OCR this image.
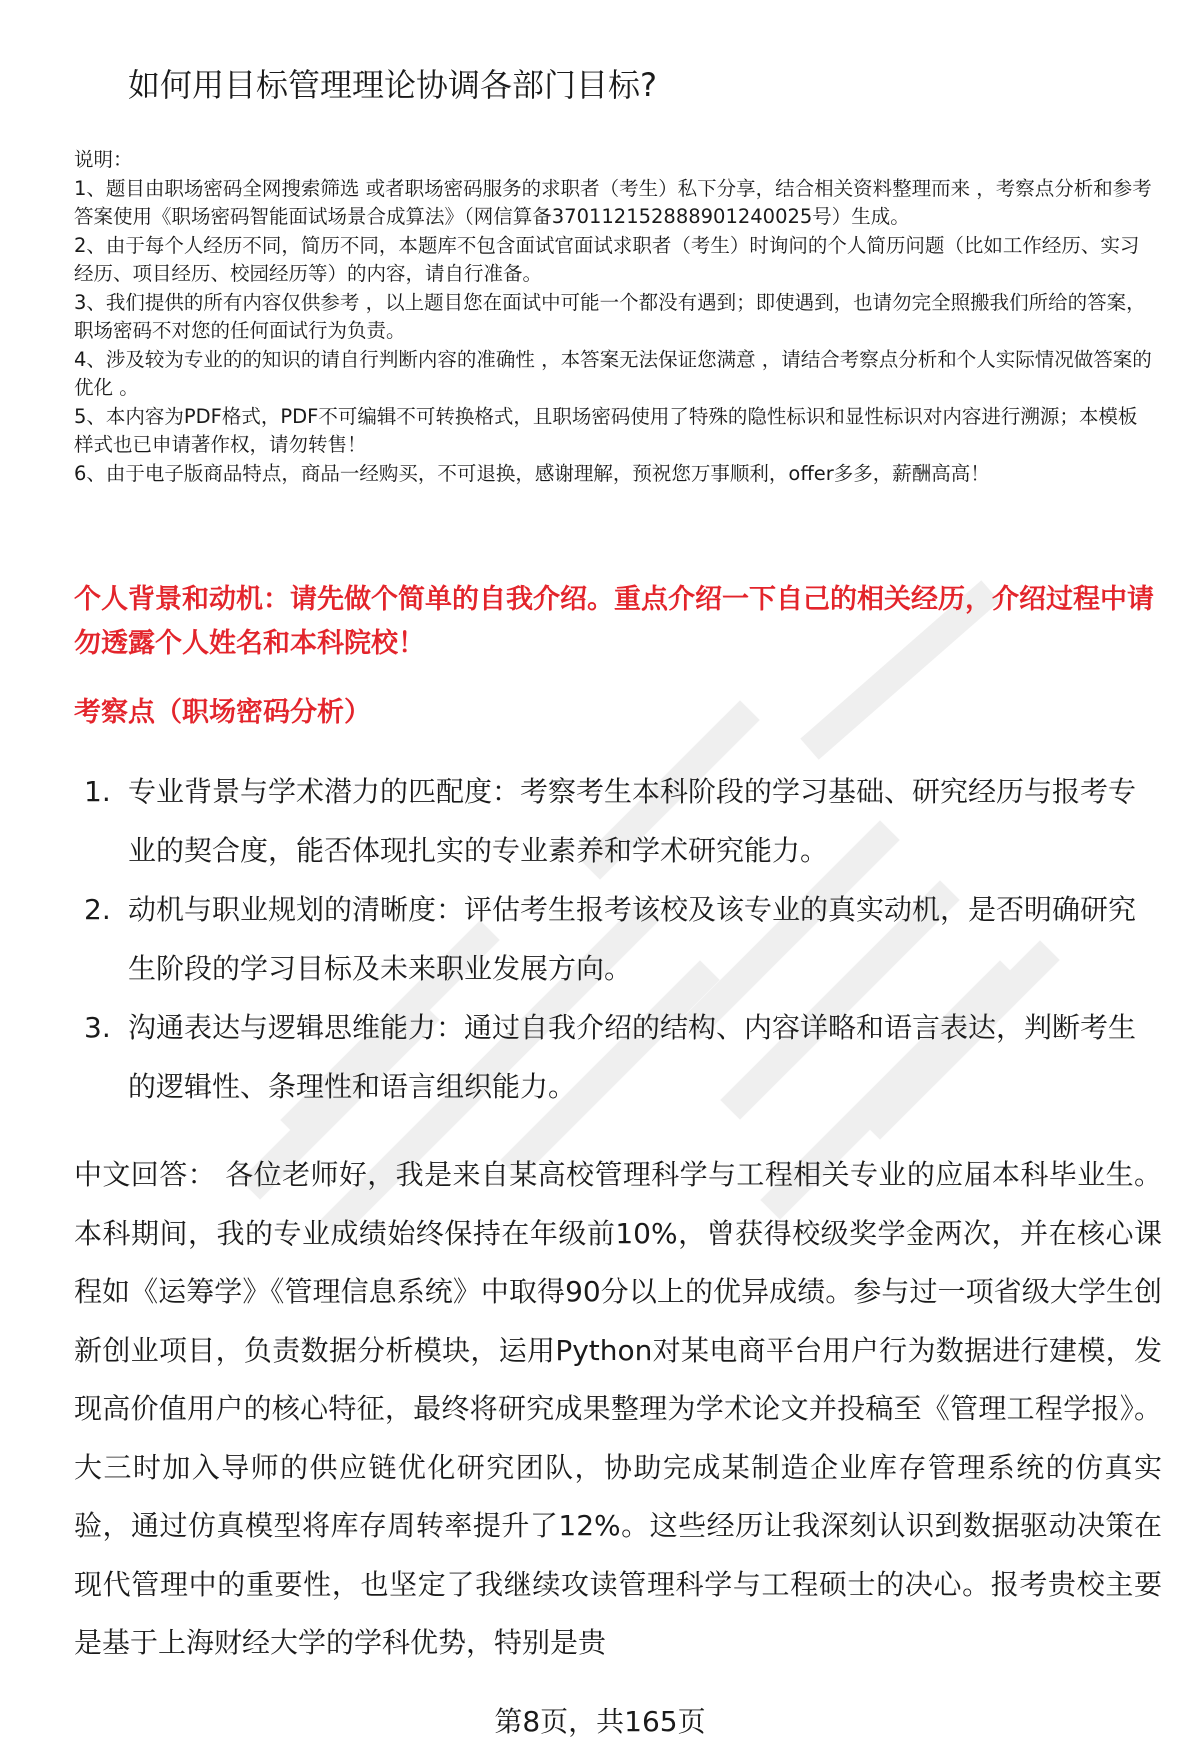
如何用目标管理理论协调各部门目标?

说明：

1、题目由职场密码全网搜索筛选 或者职场密码服务的求职者（考生）私下分享，结合相关资料整理而来 ，考察点分析和参考答案使用《职场密码智能面试场景合成算法》（网信算备370112152888901240025号）生成。

2、由于每个人经历不同，简历不同，本题库不包含面试官面试求职者（考生）时询问的个人简历问题（比如工作经历、实习经历、项目经历、校园经历等）的内容，请自行准备。

3、我们提供的所有内容仅供参考 ，以上题目您在面试中可能一个都没有遇到；即使遇到，也请勿完全照搬我们所给的答案，职场密码不对您的任何面试行为负责。

4、涉及较为专业的的知识的请自行判断内容的准确性 ，本答案无法保证您满意 ，请结合考察点分析和个人实际情况做答案的优化 。

5、本内容为PDF格式，PDF不可编辑不可转换格式，且职场密码使用了特殊的隐性标识和显性标识对内容进行溯源；本模板样式也已申请著作权，请勿转售！

6、由于电子版商品特点，商品一经购买，不可退换，感谢理解，预祝您万事顺利，offer多多，薪酬高高！

个人背景和动机：请先做个简单的自我介绍。重点介绍一下自己的相关经历，介绍过程中请勿透露个人姓名和本科院校！
考察点（职场密码分析）
1. 专业背景与学术潜力的匹配度：考察考生本科阶段的学习基础、研究经历与报考专业的契合度，能否体现扎实的专业素养和学术研究能力。
2. 动机与职业规划的清晰度：评估考生报考该校及该专业的真实动机，是否明确研究生阶段的学习目标及未来职业发展方向。
3. 沟通表达与逻辑思维能力：通过自我介绍的结构、内容详略和语言表达，判断考生的逻辑性、条理性和语言组织能力。
中文回答： 各位老师好，我是来自某高校管理科学与工程相关专业的应届本科毕业生。本科期间，我的专业成绩始终保持在年级前10%，曾获得校级奖学金两次，并在核心课程如《运筹学》《管理信息系统》中取得90分以上的优异成绩。参与过一项省级大学生创新创业项目，负责数据分析模块，运用Python对某电商平台用户行为数据进行建模，发现高价值用户的核心特征，最终将研究成果整理为学术论文并投稿至《管理工程学报》。大三时加入导师的供应链优化研究团队，协助完成某制造企业库存管理系统的仿真实验，通过仿真模型将库存周转率提升了12%。这些经历让我深刻认识到数据驱动决策在现代管理中的重要性，也坚定了我继续攻读管理科学与工程硕士的决心。报考贵校主要是基于上海财经大学的学科优势，特别是贵
第8页，共165页
